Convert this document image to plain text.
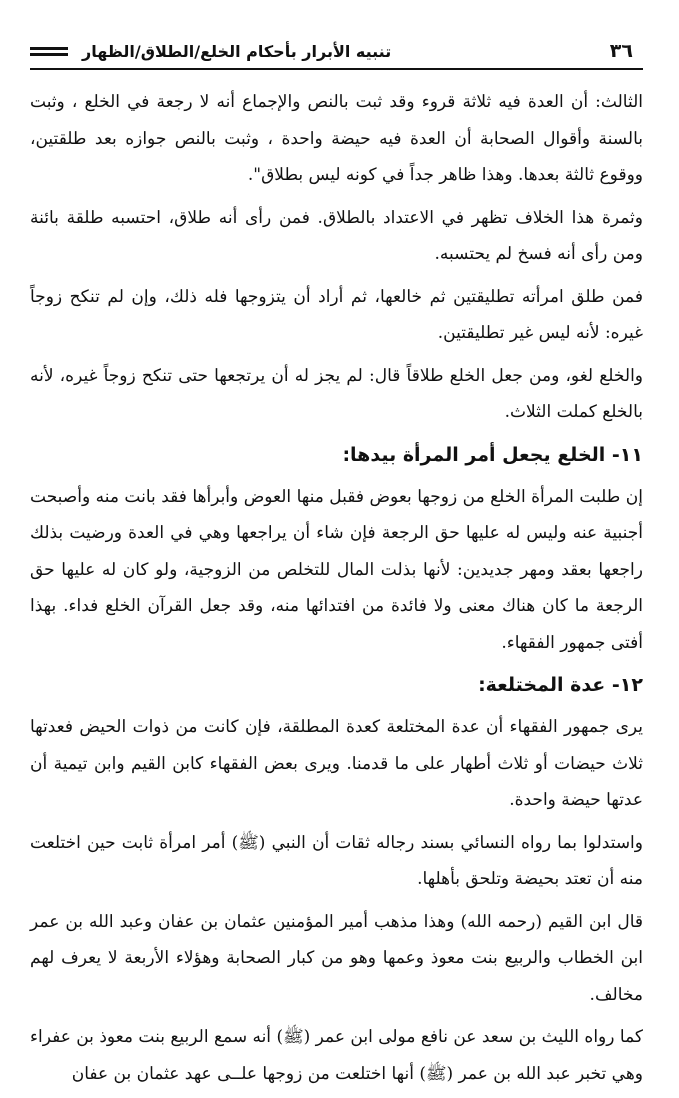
٣٦
تنبيه الأبرار بأحكام الخلع/الطلاق/الظهار

الثالث: أن العدة فيه ثلاثة قروء وقد ثبت بالنص والإجماع أنه لا رجعة في الخلع ، وثبت بالسنة وأقوال الصحابة أن العدة فيه حيضة واحدة ، وثبت بالنص جوازه بعد طلقتين، ووقوع ثالثة بعدها. وهذا ظاهر جداً في كونه ليس بطلاق".

وثمرة هذا الخلاف تظهر في الاعتداد بالطلاق. فمن رأى أنه طلاق، احتسبه طلقة بائنة ومن رأى أنه فسخ لم يحتسبه.

فمن طلق امرأته تطليقتين ثم خالعها، ثم أراد أن يتزوجها فله ذلك، وإن لم تنكح زوجاً غيره: لأنه ليس غير تطليقتين.

والخلع لغو، ومن جعل الخلع طلاقاً قال: لم يجز له أن يرتجعها حتى تنكح زوجاً غيره، لأنه بالخلع كملت الثلاث.

١١- الخلع يجعل أمر المرأة بيدها:

إن طلبت المرأة الخلع من زوجها بعوض فقبل منها العوض وأبرأها فقد بانت منه وأصبحت أجنبية عنه وليس له عليها حق الرجعة فإن شاء أن يراجعها وهي في العدة ورضيت بذلك راجعها بعقد ومهر جديدين: لأنها بذلت المال للتخلص من الزوجية، ولو كان له عليها حق الرجعة ما كان هناك معنى ولا فائدة من افتدائها منه، وقد جعل القرآن الخلع فداء. بهذا أفتى جمهور الفقهاء.

١٢- عدة المختلعة:

يرى جمهور الفقهاء أن عدة المختلعة كعدة المطلقة، فإن كانت من ذوات الحيض فعدتها ثلاث حيضات أو ثلاث أطهار على ما قدمنا. ويرى بعض الفقهاء كابن القيم وابن تيمية أن عدتها حيضة واحدة.

واستدلوا بما رواه النسائي بسند رجاله ثقات أن النبي (ﷺ) أمر امرأة ثابت حين اختلعت منه أن تعتد بحيضة وتلحق بأهلها.

قال ابن القيم (رحمه الله) وهذا مذهب أمير المؤمنين عثمان بن عفان وعبد الله بن عمر ابن الخطاب والربيع بنت معوذ وعمها وهو من كبار الصحابة وهؤلاء الأربعة لا يعرف لهم مخالف.

كما رواه الليث بن سعد عن نافع مولى ابن عمر (ﷺ) أنه سمع الربيع بنت معوذ بن عفراء وهي تخبر عبد الله بن عمر (ﷺ) أنها اختلعت من زوجها علــى عهد عثمان بن عفان
